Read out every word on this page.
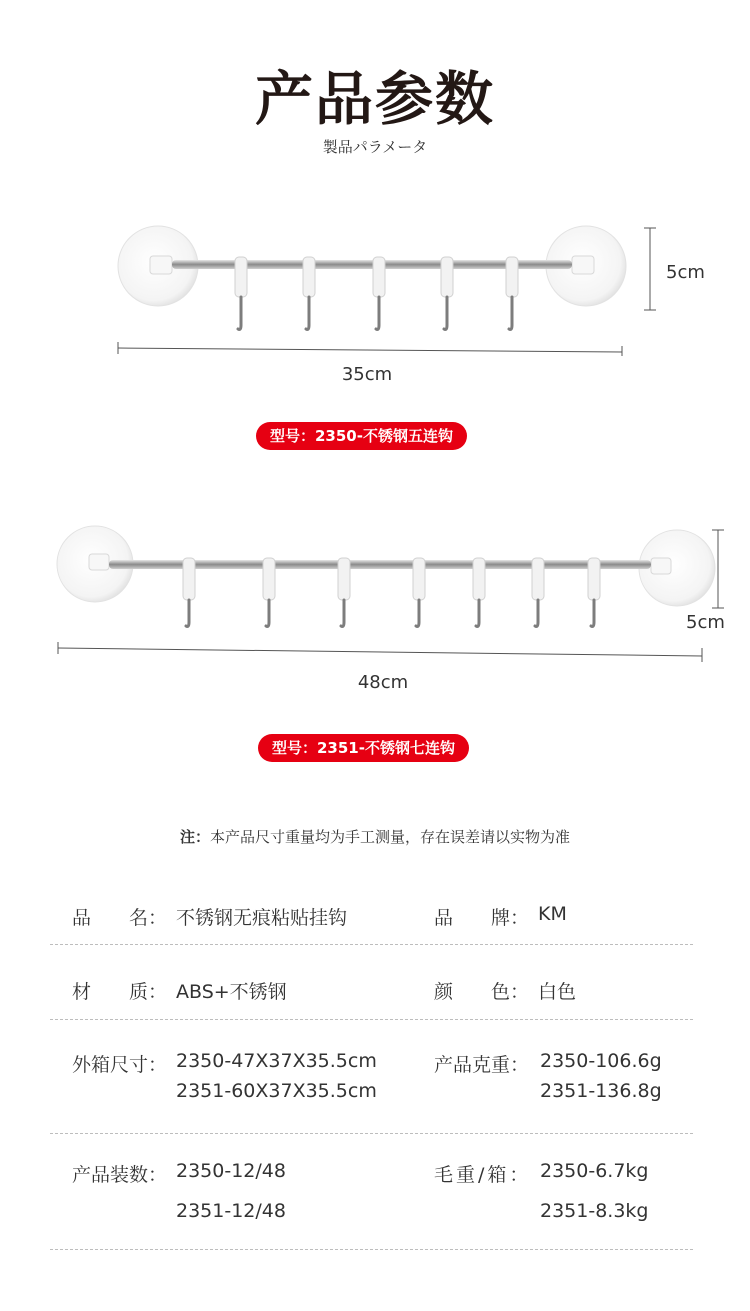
产品参数
製品パラメータ
5cm
35cm
型号：2350-不锈钢五连钩
5cm
48cm
型号：2351-不锈钢七连钩
注：本产品尺寸重量均为手工测量，存在误差请以实物为准
品　　名： 不锈钢无痕粘贴挂钩	品　　牌： KM
材　　质： ABS+不锈钢	颜　　色： 白色
外箱尺寸： 2350-47X37X35.5cm
2351-60X37X35.5cm
产品克重： 2350-106.6g
2351-136.8g
产品装数： 2350-12/48
2351-12/48
毛重/箱： 2350-6.7kg
2351-8.3kg
